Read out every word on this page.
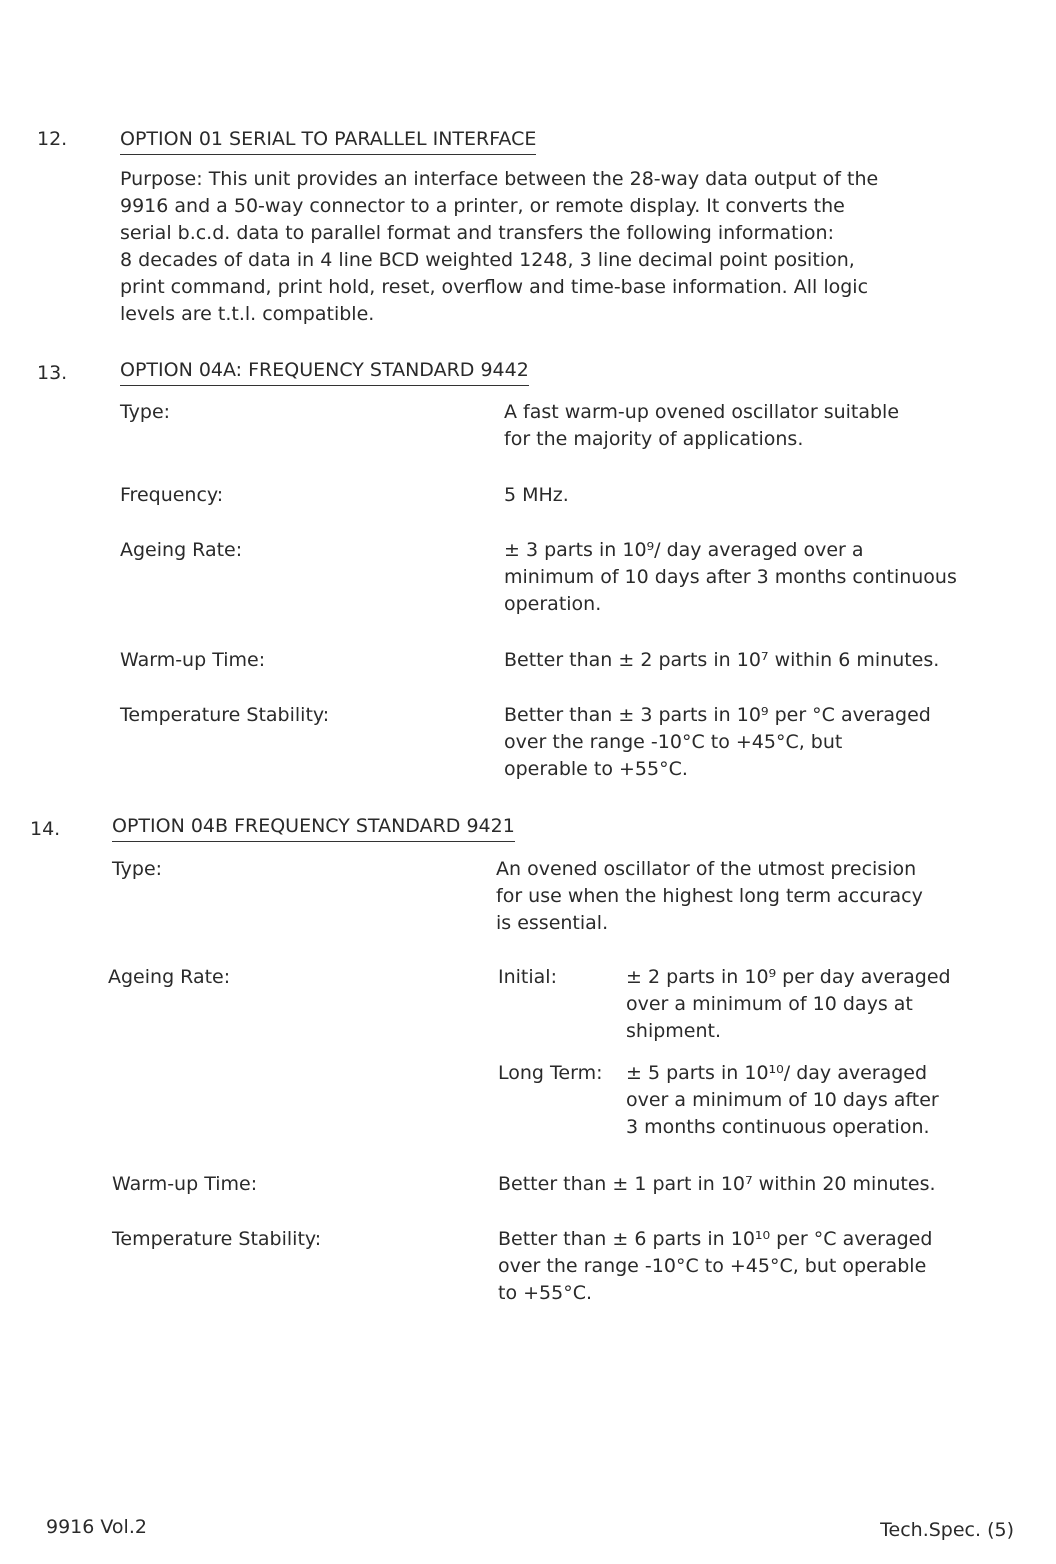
12.	OPTION 01 SERIAL TO PARALLEL INTERFACE
Purpose: This unit provides an interface between the 28-way data output of the
9916 and a 50-way connector to a printer, or remote display. It converts the
serial b.c.d. data to parallel format and transfers the following information:
8 decades of data in 4 line BCD weighted 1248, 3 line decimal point position,
print command, print hold, reset, overflow and time-base information. All logic
levels are t.t.l. compatible.
13.	OPTION 04A: FREQUENCY STANDARD 9442
Type:	A fast warm-up ovened oscillator suitable
for the majority of applications.
Frequency:	5 MHz.
Ageing Rate:	± 3 parts in 10⁹/ day averaged over a
minimum of 10 days after 3 months continuous
operation.
Warm-up Time:	Better than ± 2 parts in 10⁷ within 6 minutes.
Temperature Stability:	Better than ± 3 parts in 10⁹ per °C averaged
over the range -10°C to +45°C, but
operable to +55°C.
14.	OPTION 04B FREQUENCY STANDARD 9421
Type:	An ovened oscillator of the utmost precision
for use when the highest long term accuracy
is essential.
Ageing Rate:	Initial:	± 2 parts in 10⁹ per day averaged
over a minimum of 10 days at
shipment.
Long Term: ± 5 parts in 10¹⁰/ day averaged
over a minimum of 10 days after
3 months continuous operation.
Warm-up Time:	Better than ± 1 part in 10⁷ within 20 minutes.
Temperature Stability:	Better than ± 6 parts in 10¹⁰ per °C averaged
over the range -10°C to +45°C, but operable
to +55°C.
9916 Vol.2	Tech.Spec. (5)
